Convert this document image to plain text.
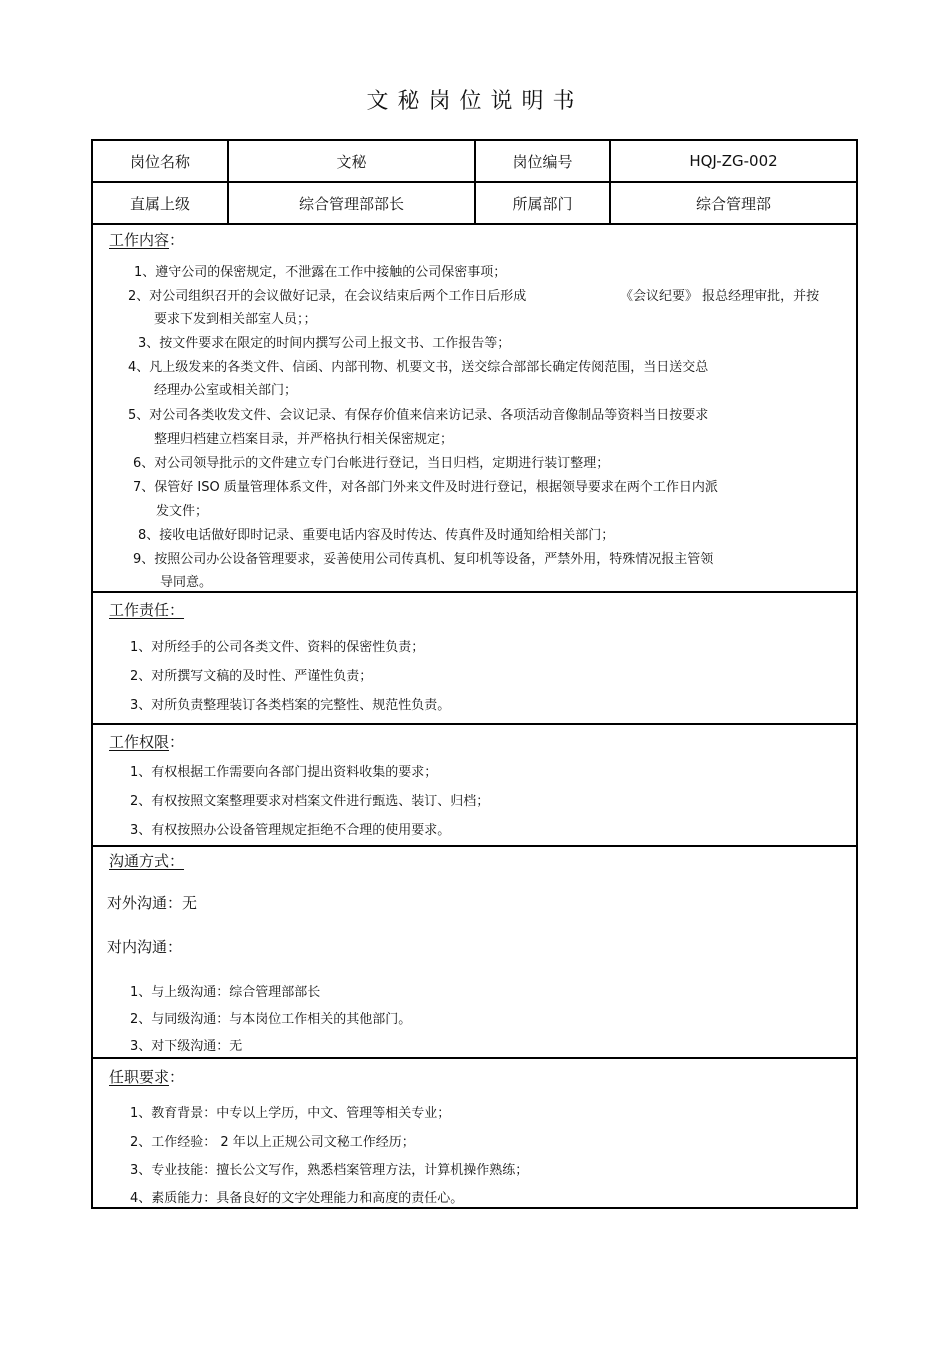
文秘岗位说明书
岗位名称	文秘	岗位编号	HQJ-ZG-002
直属上级	综合管理部部长	所属部门	综合管理部
工作内容：
1、遵守公司的保密规定，不泄露在工作中接触的公司保密事项；
2、对公司组织召开的会议做好记录，在会议结束后两个工作日后形成	《会议纪要》 报总经理审批，并按
要求下发到相关部室人员；；
3、按文件要求在限定的时间内撰写公司上报文书、工作报告等；
4、凡上级发来的各类文件、信函、内部刊物、机要文书，送交综合部部长确定传阅范围，当日送交总
经理办公室或相关部门；
5、对公司各类收发文件、会议记录、有保存价值来信来访记录、各项活动音像制品等资料当日按要求
整理归档建立档案目录，并严格执行相关保密规定；
6、对公司领导批示的文件建立专门台帐进行登记，当日归档，定期进行装订整理；
7、保管好 ISO 质量管理体系文件，对各部门外来文件及时进行登记，根据领导要求在两个工作日内派
发文件；
8、接收电话做好即时记录、重要电话内容及时传达、传真件及时通知给相关部门；
9、按照公司办公设备管理要求，妥善使用公司传真机、复印机等设备，严禁外用，特殊情况报主管领
导同意。
工作责任：
1、对所经手的公司各类文件、资料的保密性负责；
2、对所撰写文稿的及时性、严谨性负责；
3、对所负责整理装订各类档案的完整性、规范性负责。
工作权限：
1、有权根据工作需要向各部门提出资料收集的要求；
2、有权按照文案整理要求对档案文件进行甄选、装订、归档；
3、有权按照办公设备管理规定拒绝不合理的使用要求。
沟通方式：
对外沟通：无
对内沟通：
1、与上级沟通：综合管理部部长
2、与同级沟通：与本岗位工作相关的其他部门。
3、对下级沟通：无
任职要求：
1、教育背景：中专以上学历，中文、管理等相关专业；
2、工作经验： 2 年以上正规公司文秘工作经历；
3、专业技能：擅长公文写作，熟悉档案管理方法，计算机操作熟练；
4、素质能力：具备良好的文字处理能力和高度的责任心。
